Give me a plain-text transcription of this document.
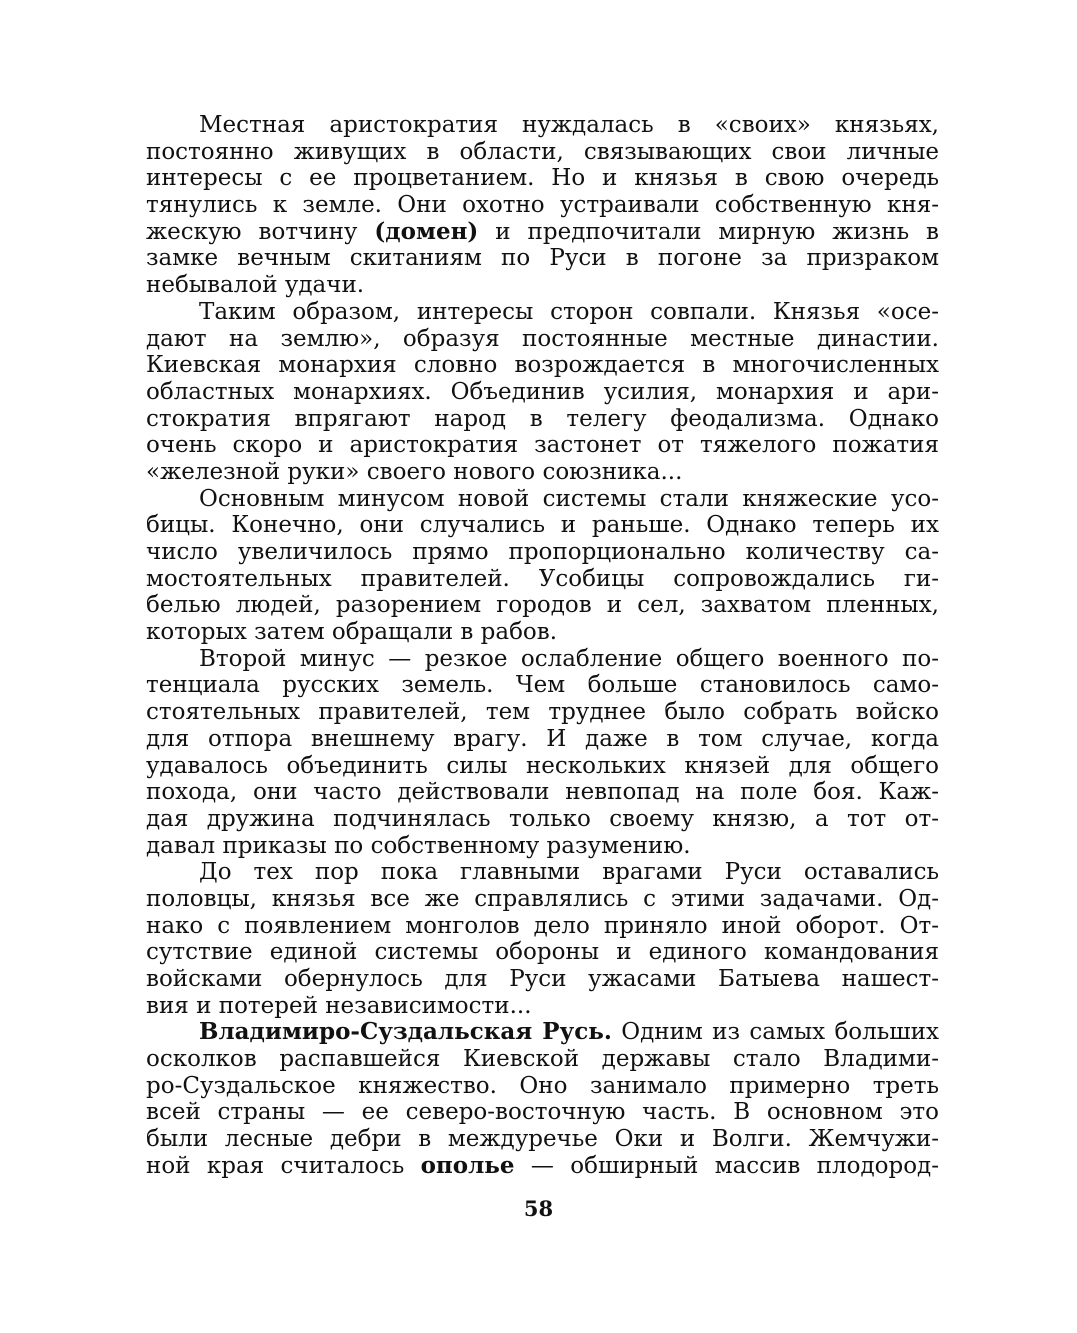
Местная аристократия нуждалась в «своих» князьях,
постоянно живущих в области, связывающих свои личные
интересы с ее процветанием. Но и князья в свою очередь
тянулись к земле. Они охотно устраивали собственную кня-
жескую вотчину (домен) и предпочитали мирную жизнь в
замке вечным скитаниям по Руси в погоне за призраком
небывалой удачи.
Таким образом, интересы сторон совпали. Князья «осе-
дают на землю», образуя постоянные местные династии.
Киевская монархия словно возрождается в многочисленных
областных монархиях. Объединив усилия, монархия и ари-
стократия впрягают народ в телегу феодализма. Однако
очень скоро и аристократия застонет от тяжелого пожатия
«железной руки» своего нового союзника...
Основным минусом новой системы стали княжеские усо-
бицы. Конечно, они случались и раньше. Однако теперь их
число увеличилось прямо пропорционально количеству са-
мостоятельных правителей. Усобицы сопровождались ги-
белью людей, разорением городов и сел, захватом пленных,
которых затем обращали в рабов.
Второй минус — резкое ослабление общего военного по-
тенциала русских земель. Чем больше становилось само-
стоятельных правителей, тем труднее было собрать войско
для отпора внешнему врагу. И даже в том случае, когда
удавалось объединить силы нескольких князей для общего
похода, они часто действовали невпопад на поле боя. Каж-
дая дружина подчинялась только своему князю, а тот от-
давал приказы по собственному разумению.
До тех пор пока главными врагами Руси оставались
половцы, князья все же справлялись с этими задачами. Од-
нако с появлением монголов дело приняло иной оборот. От-
сутствие единой системы обороны и единого командования
войсками обернулось для Руси ужасами Батыева нашест-
вия и потерей независимости...
Владимиро-Суздальская Русь. Одним из самых больших
осколков распавшейся Киевской державы стало Владими-
ро-Суздальское княжество. Оно занимало примерно треть
всей страны — ее северо-восточную часть. В основном это
были лесные дебри в междуречье Оки и Волги. Жемчужи-
ной края считалось ополье — обширный массив плодород-
58
